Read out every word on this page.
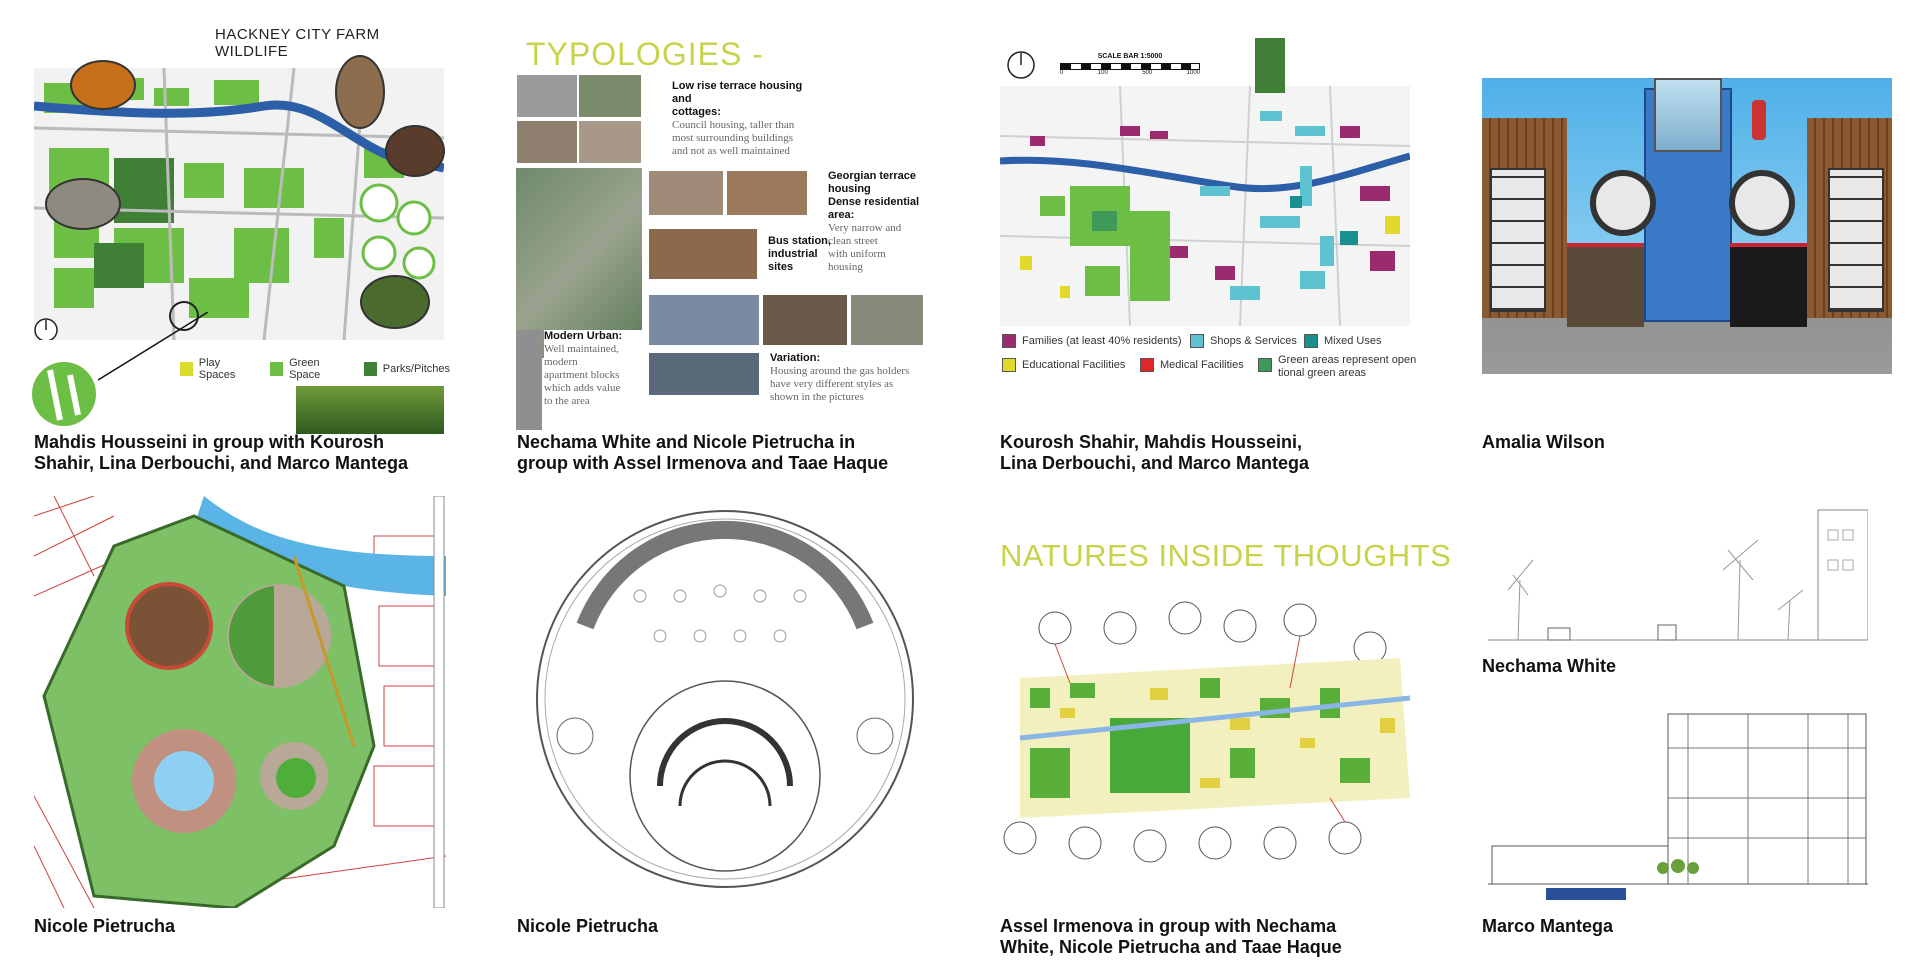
HACKNEY CITY FARM WILDLIFE
Play Spaces
Green Space	Parks/Pitches
Mahdis Housseini in group with Kourosh
Shahir, Lina Derbouchi, and Marco Mantega
TYPOLOGIES -
Low rise terrace housing and
cottages:
Council housing, taller than
most surrounding buildings
and not as well maintained
Georgian terrace
housing
Dense residential
area:
Very narrow and
clean street
with uniform
housing
Bus station,
industrial
sites
Modern Urban:
Well maintained,
modern
apartment blocks
which adds value
to the area
Variation:
Housing around the gas holders
have very different styles as
shown in the pictures
Nechama White and Nicole Pietrucha in
group with Assel Irmenova and Taae Haque
SCALE BAR 1:5000
0	100	500	1000
Families (at least 40% residents)	Shops & Services Mixed Uses
Educational Facilities	Medical Facilities	Green areas represent open
tional green areas
Kourosh Shahir, Mahdis Housseini,
Lina Derbouchi, and Marco Mantega
Amalia Wilson
Nicole Pietrucha	Nicole Pietrucha
NATURES INSIDE THOUGHTS
Assel Irmenova in group with Nechama
White, Nicole Pietrucha and Taae Haque
Nechama White
Marco Mantega
